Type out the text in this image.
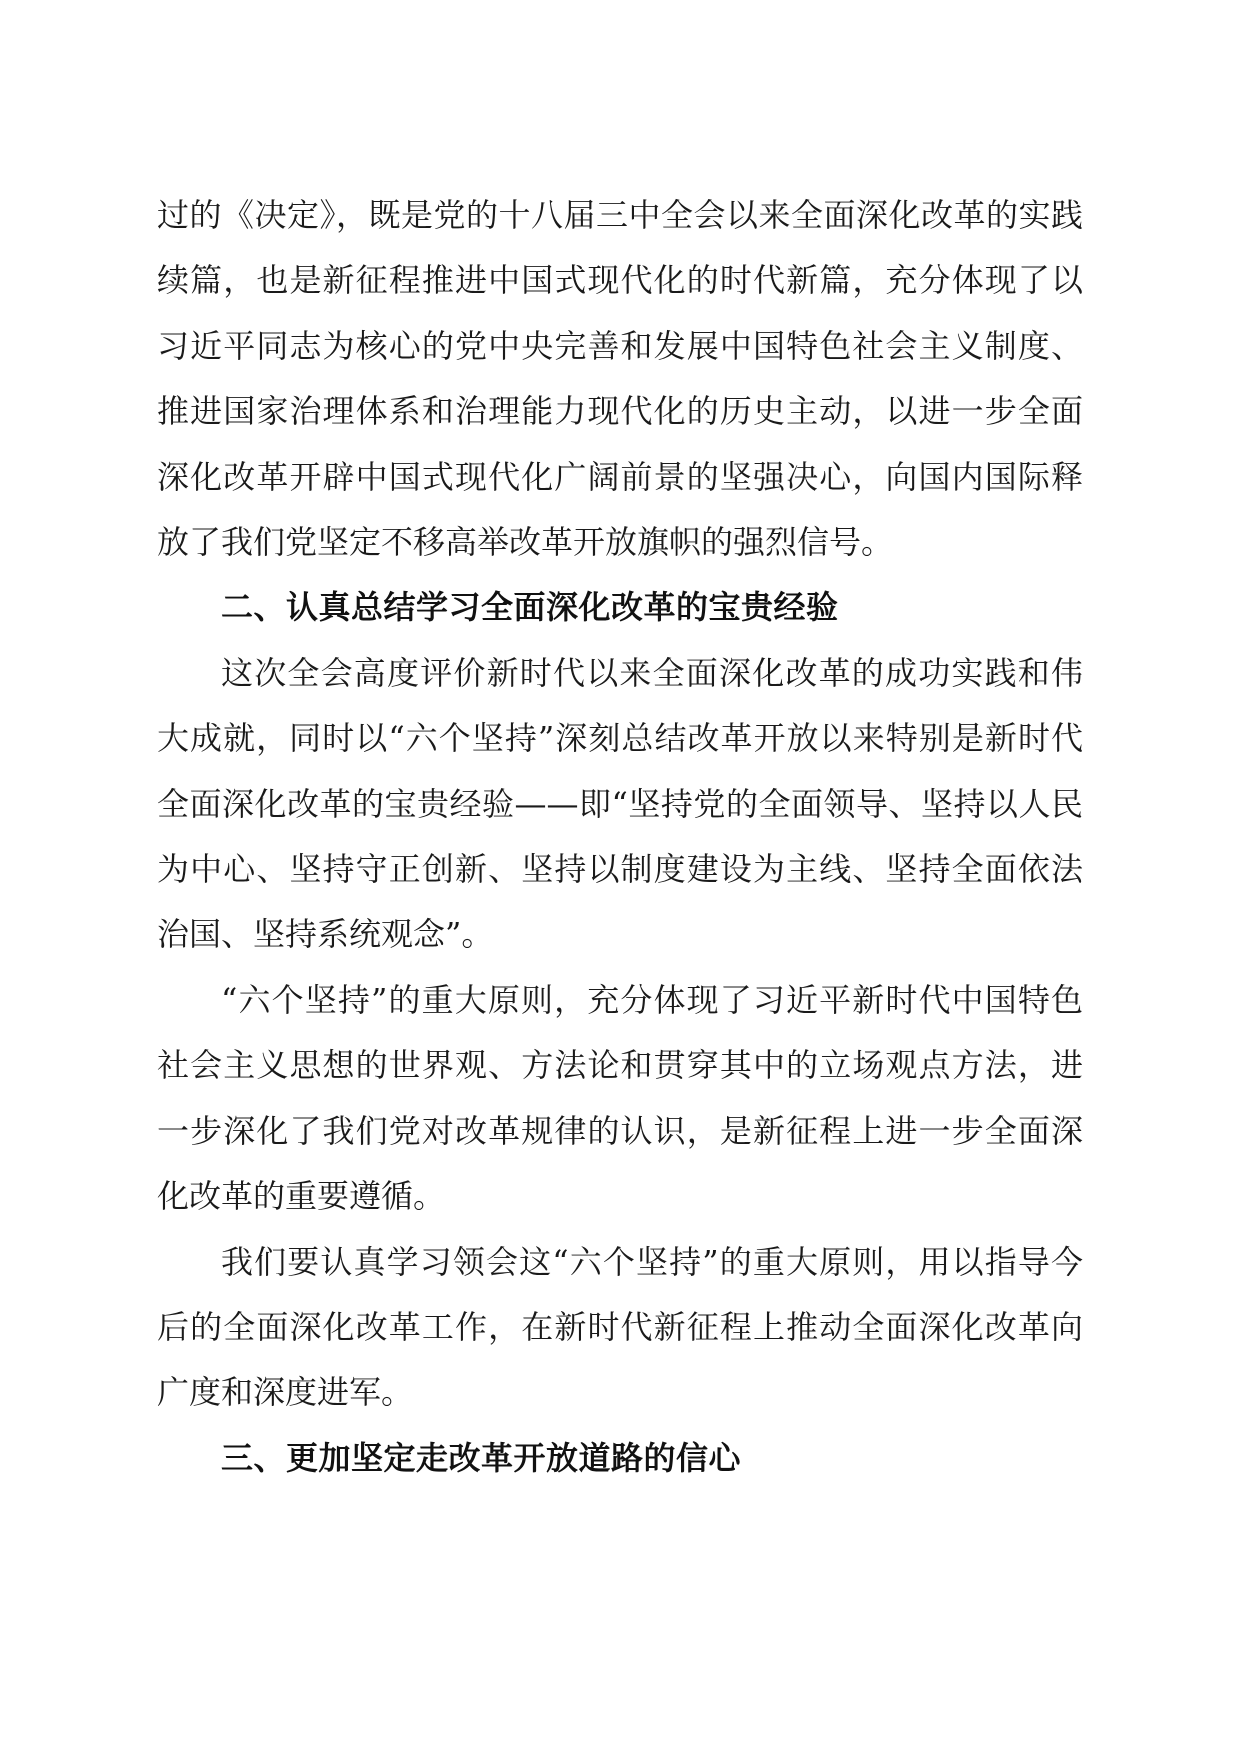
过的《决定》，既是党的十八届三中全会以来全面深化改革的实践续篇，也是新征程推进中国式现代化的时代新篇，充分体现了以习近平同志为核心的党中央完善和发展中国特色社会主义制度、推进国家治理体系和治理能力现代化的历史主动，以进一步全面深化改革开辟中国式现代化广阔前景的坚强决心，向国内国际释放了我们党坚定不移高举改革开放旗帜的强烈信号。

二、认真总结学习全面深化改革的宝贵经验

这次全会高度评价新时代以来全面深化改革的成功实践和伟大成就，同时以“六个坚持”深刻总结改革开放以来特别是新时代全面深化改革的宝贵经验——即“坚持党的全面领导、坚持以人民为中心、坚持守正创新、坚持以制度建设为主线、坚持全面依法治国、坚持系统观念”。

“六个坚持”的重大原则，充分体现了习近平新时代中国特色社会主义思想的世界观、方法论和贯穿其中的立场观点方法，进一步深化了我们党对改革规律的认识，是新征程上进一步全面深化改革的重要遵循。

我们要认真学习领会这“六个坚持”的重大原则，用以指导今后的全面深化改革工作，在新时代新征程上推动全面深化改革向广度和深度进军。

三、更加坚定走改革开放道路的信心
